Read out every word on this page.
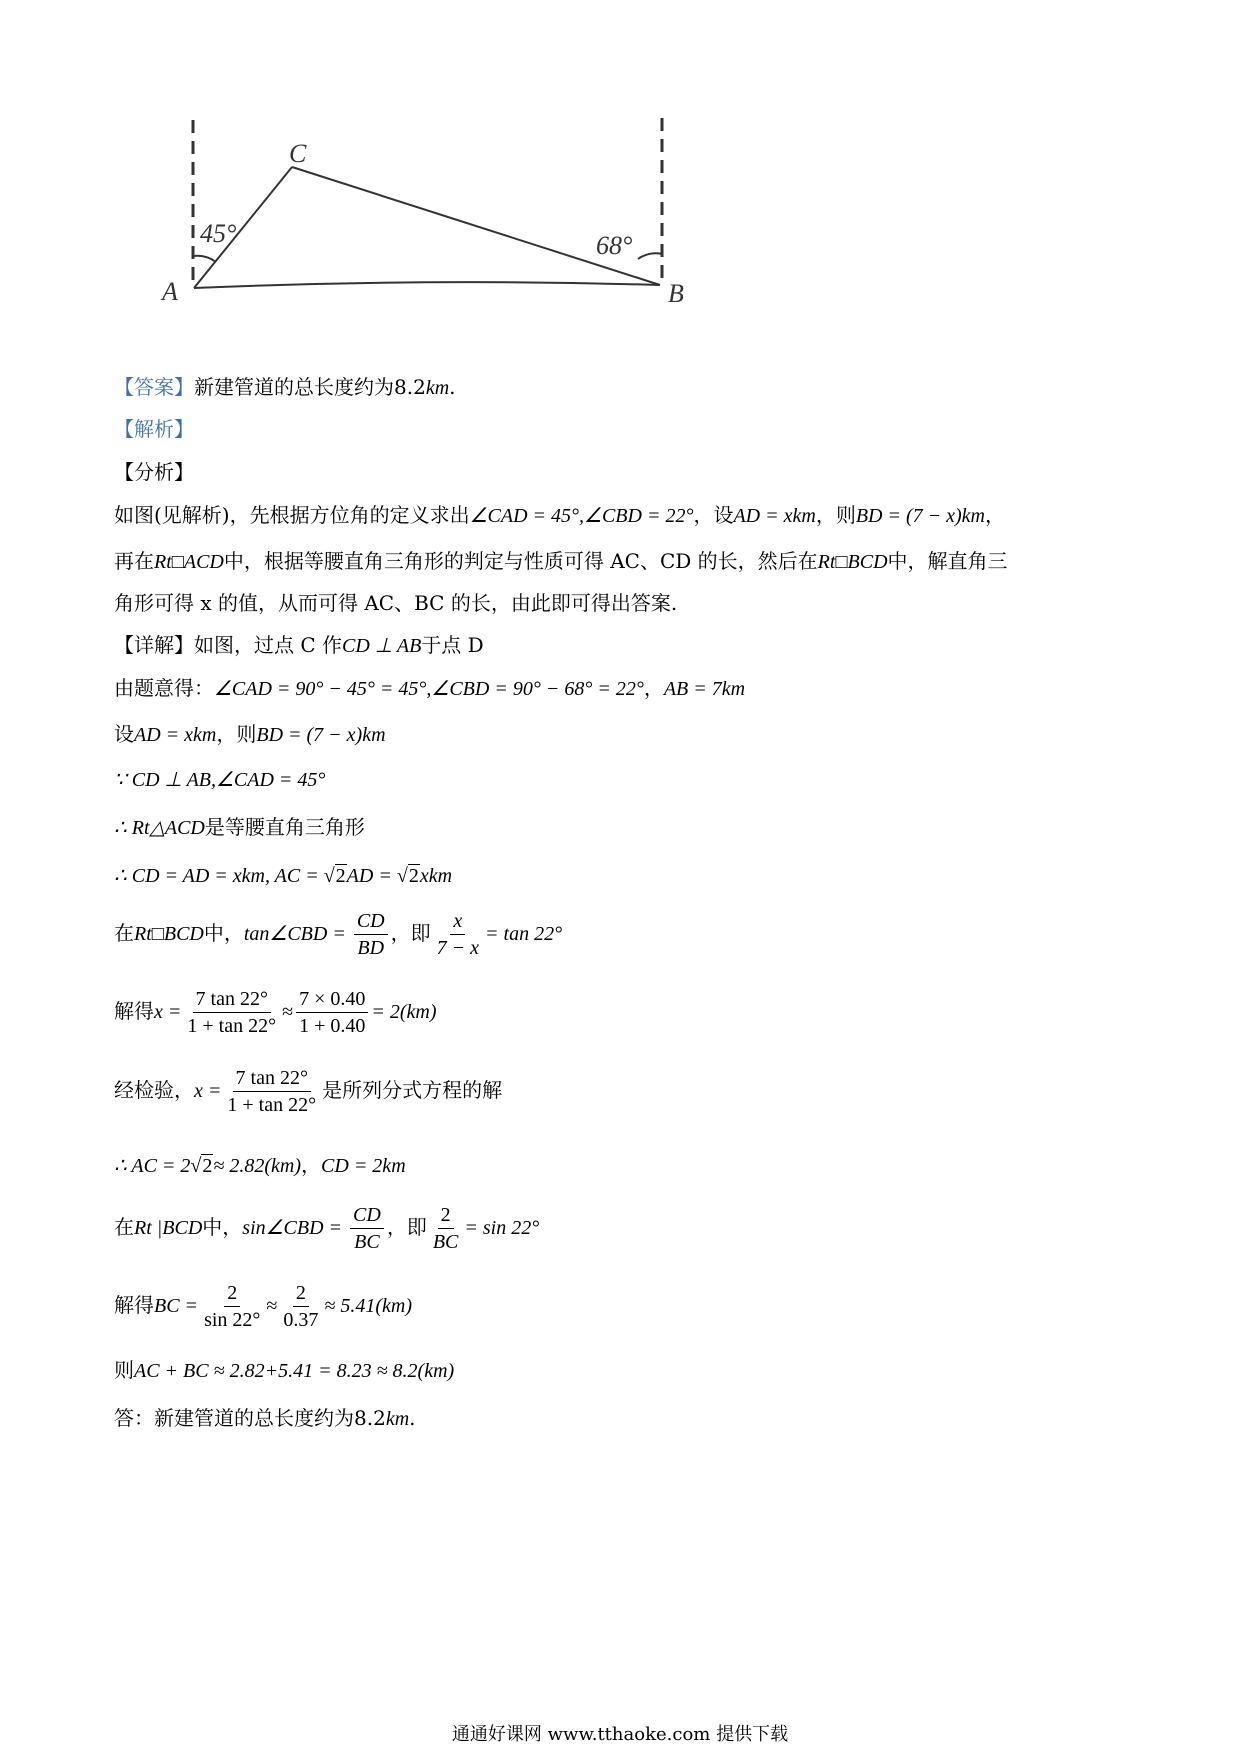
45°	68°
C
A	B
【答案】新建管道的总长度约为8.2km.
【解析】
【分析】
如图(见解析)，先根据方位角的定义求出∠CAD = 45°,∠CBD = 22°，设AD = xkm，则BD = (7 − x)km，
再在Rt□ACD中，根据等腰直角三角形的判定与性质可得 AC、CD 的长，然后在Rt□BCD中，解直角三
角形可得 x 的值，从而可得 AC、BC 的长，由此即可得出答案.
【详解】如图，过点 C 作CD ⊥ AB于点 D
由题意得：∠CAD = 90° − 45° = 45°,∠CBD = 90° − 68° = 22°，AB = 7km
设AD = xkm，则BD = (7 − x)km
∵ CD ⊥ AB,∠CAD = 45°
∴ Rt△ACD是等腰直角三角形
∴ CD = AD = xkm, AC = √2AD = √2xkm
在Rt□BCD中，tan∠CBD = $\frac{CD}{BD}$ ，即 $\frac{x}{7 - x} = \tan 22^\circ$
解得$x = \frac{7 \tan 22^\circ}{1 + \tan 22^\circ} \approx \frac{7 \times 0.40}{1 + 0.40} = 2(km)$
经检验，$x = \frac{7 \tan 22^\circ}{1 + \tan 22^\circ}$ 是所列分式方程的解
∴ AC = 2√2≈ 2.82(km)，CD = 2km
在Rt |BCD中，sin∠CBD = $\frac{CD}{BC}$ ，即 $\frac{2}{BC} = \sin 22^\circ$
解得BC = $\frac{2}{\sin 22^\circ} \approx \frac{2}{0.37} \approx 5.41(km)$
则AC + BC ≈ 2.82+5.41 = 8.23 ≈ 8.2(km)
答：新建管道的总长度约为8.2km.
通通好课网 www.tthaoke.com 提供下载
